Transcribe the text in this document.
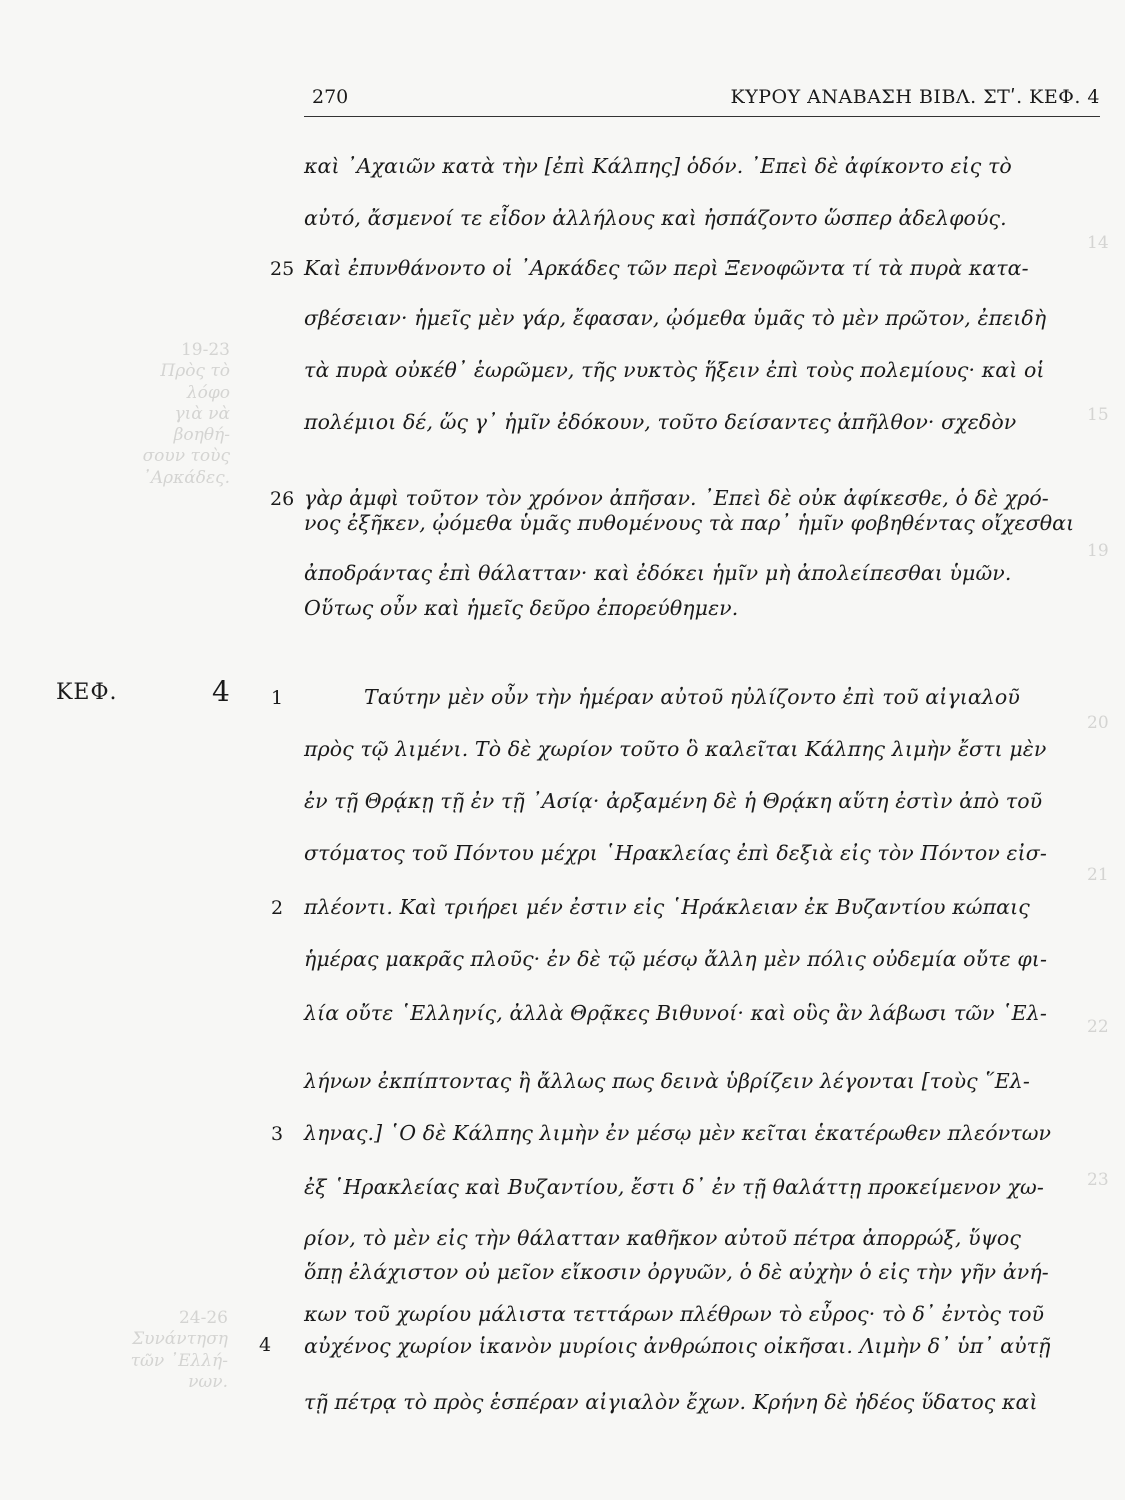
270	ΚΥΡΟΥ ΑΝΑΒΑΣΗ ΒΙΒΛ. ΣΤʹ. ΚΕΦ. 4
19-23
Πρὸς τὸ λόφο
γιὰ νὰ βοηθή-
σουν τοὺς
᾿Αρκάδες.
24-26
Συνάντηση
τῶν ᾿Ελλή-
νων.
14
15
19
20
21
22
23
ΚΕΦ.	4
25
26
1
2
3
4
καὶ ᾿Αχαιῶν κατὰ τὴν [ἐπὶ Κάλπης] ὁδόν. ᾿Επεὶ δὲ ἀφίκοντο εἰς τὸ
αὐτό, ἄσμενοί τε εἶδον ἀλλήλους καὶ ἠσπάζοντο ὥσπερ ἀδελφούς.
Καὶ ἐπυνθάνοντο οἱ ᾿Αρκάδες τῶν περὶ Ξενοφῶντα τί τὰ πυρὰ κατα-
σβέσειαν· ἡμεῖς μὲν γάρ, ἔφασαν, ᾠόμεθα ὑμᾶς τὸ μὲν πρῶτον, ἐπειδὴ
τὰ πυρὰ οὐκέθ᾿ ἑωρῶμεν, τῆς νυκτὸς ἥξειν ἐπὶ τοὺς πολεμίους· καὶ οἱ
πολέμιοι δέ, ὥς γ᾿ ἡμῖν ἐδόκουν, τοῦτο δείσαντες ἀπῆλθον· σχεδὸν
γὰρ ἀμφὶ τοῦτον τὸν χρόνον ἀπῆσαν. ᾿Επεὶ δὲ οὐκ ἀφίκεσθε, ὁ δὲ χρό-
νος ἐξῆκεν, ᾠόμεθα ὑμᾶς πυθομένους τὰ παρ᾿ ἡμῖν φοβηθέντας οἴχεσθαι
ἀποδράντας ἐπὶ θάλατταν· καὶ ἐδόκει ἡμῖν μὴ ἀπολείπεσθαι ὑμῶν.
Οὕτως οὖν καὶ ἡμεῖς δεῦρο ἐπορεύθημεν.
Ταύτην μὲν οὖν τὴν ἡμέραν αὐτοῦ ηὐλίζοντο ἐπὶ τοῦ αἰγιαλοῦ
πρὸς τῷ λιμένι. Τὸ δὲ χωρίον τοῦτο ὃ καλεῖται Κάλπης λιμὴν ἔστι μὲν
ἐν τῇ Θρᾴκῃ τῇ ἐν τῇ ᾿Ασίᾳ· ἀρξαμένη δὲ ἡ Θρᾴκη αὕτη ἐστὶν ἀπὸ τοῦ
στόματος τοῦ Πόντου μέχρι ῾Ηρακλείας ἐπὶ δεξιὰ εἰς τὸν Πόντον εἰσ-
πλέοντι. Καὶ τριήρει μέν ἐστιν εἰς ῾Ηράκλειαν ἐκ Βυζαντίου κώπαις
ἡμέρας μακρᾶς πλοῦς· ἐν δὲ τῷ μέσῳ ἄλλη μὲν πόλις οὐδεμία οὔτε φι-
λία οὔτε ῾Ελληνίς, ἀλλὰ Θρᾷκες Βιθυνοί· καὶ οὓς ἂν λάβωσι τῶν ῾Ελ-
λήνων ἐκπίπτοντας ἢ ἄλλως πως δεινὰ ὑβρίζειν λέγονται [τοὺς ῞Ελ-
ληνας.] ῾Ο δὲ Κάλπης λιμὴν ἐν μέσῳ μὲν κεῖται ἑκατέρωθεν πλεόντων
ἐξ ῾Ηρακλείας καὶ Βυζαντίου, ἔστι δ᾿ ἐν τῇ θαλάττῃ προκείμενον χω-
ρίον, τὸ μὲν εἰς τὴν θάλατταν καθῆκον αὐτοῦ πέτρα ἀπορρώξ, ὕψος
ὅπῃ ἐλάχιστον οὐ μεῖον εἴκοσιν ὀργυῶν, ὁ δὲ αὐχὴν ὁ εἰς τὴν γῆν ἀνή-
κων τοῦ χωρίου μάλιστα τεττάρων πλέθρων τὸ εὖρος· τὸ δ᾿ ἐντὸς τοῦ
αὐχένος χωρίον ἱκανὸν μυρίοις ἀνθρώποις οἰκῆσαι. Λιμὴν δ᾿ ὑπ᾿ αὐτῇ
τῇ πέτρᾳ τὸ πρὸς ἑσπέραν αἰγιαλὸν ἔχων. Κρήνη δὲ ἡδέος ὕδατος καὶ
